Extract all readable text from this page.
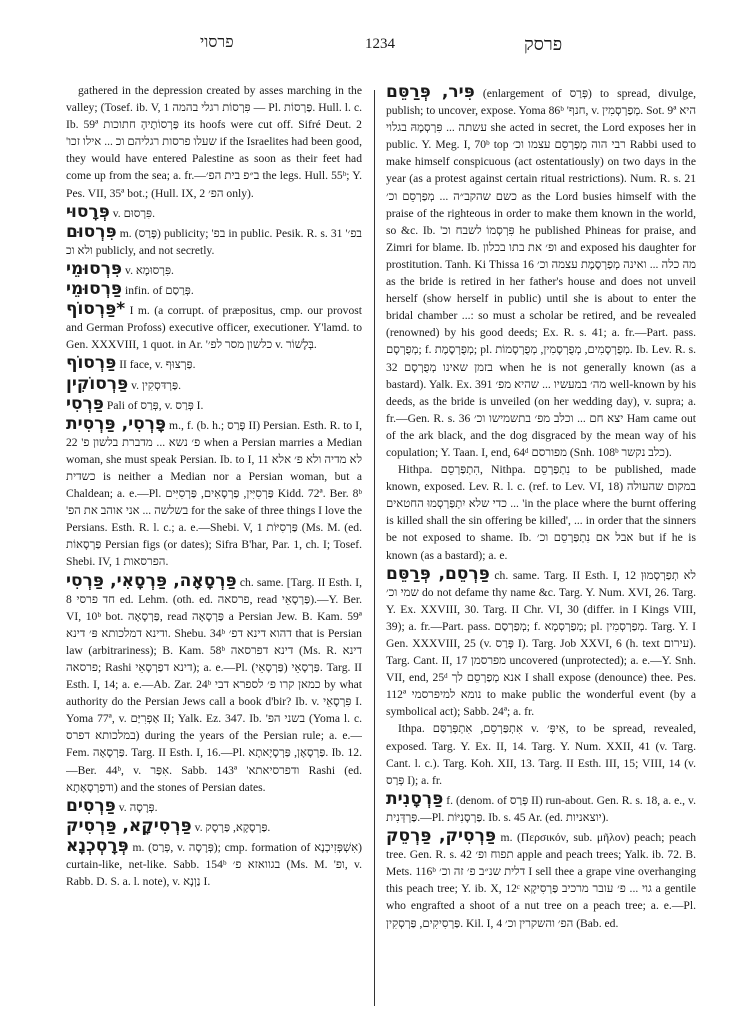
פרסוי	1234	פרסק

gathered in the depression created by asses marching in the valley; (Tosef. ib. V, 1 פִּרְסוֹת רגלי בהמה — Pl. פַּרְסוֹת. Hull. l. c. Ib. 59ª פַּרְסוֹתֶיהָ חתוכות its hoofs were cut off. Sifré Deut. 2 'שעלו פרסות רגליהם וכ ... אילו זכו if the Israelites had been good, they would have entered Palestine as soon as their feet had come up from the sea; a. fr.—ב״פ בית הפ׳ the legs. Hull. 55ᵇ; Y. Pes. VII, 35ª bot.; (Hull. IX, 2 הפ׳ only).

פְּרָסוּי v. פִּרְסוּם.

פִּרְסוּם m. (פָּרַס) publicity; 'בפ in public. Pesik. R. s. 31 'בפ׳ ולא וכ publicly, and not secretly.

פִּרְסוּמֵי v. פִּרְסוּמָא.

פַּרְסוּמֵי infin. of פְּרַסַם.

*פַּרְסוֹף I m. (a corrupt. of præpositus, cmp. our provost and German Profoss) executive officer, executioner. Y'lamd. to Gen. XXXVIII, 1 quot. in Ar. 'כלשון מסר לפ׳ v. בְּלָשׁוֹר.

פַּרְסוֹף II face, v. פַּרְצוּף.

פַּרְסוֹקִין v. פַּרְדּסְקִין.

פַּרְסִי Pali of פְּרַס, v. פְּרַס I.

פָּרְסִי, פַּרְסִית m., f. (b. h.; פָּרַס II) Persian. Esth. R. to I, 22 'פ׳ נשא ... מדברת בלשון פ when a Persian marries a Median woman, she must speak Persian. Ib. to I, 11 לא מדיה ולא פ׳ אלא כשדית is neither a Median nor a Persian woman, but a Chaldean; a. e.—Pl. פַּרְסִיִּין, פַּרְסָאִים, פַּרְסִיִּים Kidd. 72ª. Ber. 8ᵇ 'בשלשה ... אני אוהב את הפ for the sake of three things I love the Persians. Esth. R. l. c.; a. e.—Shebi. V, 1 פַּרְסִיּוֹת (Ms. M. (ed. פַּרְסָאוֹת Persian figs (or dates); Sifra B'har, Par. 1, ch. I; Tosef. Shebi. IV, 1 הפרסאות.

פַּרְסָאָה, פַּרְסָאִי, פַּרְסִי ch. same. [Targ. II Esth. I, 8 חד פרסי ed. Lehm. (oth. ed. פרסאה, read פַּרְסָאֵי).—Y. Ber. VI, 10ᵇ bot. פַּרְסָאָה, read פַּרְסָאָה a Persian Jew. B. Kam. 59ª ודינא דמלכותא פּ׳ דינא. Shebu. 34ᵇ דהוא דינא דפ׳ that is Persian law (arbitrariness); B. Kam. 58ᵇ דינא דפרסאה (Ms. R. דינא פרסאה; Rashi דינא דפַרְסָאֵי); a. e.—Pl. פַּרְסָאֵי (פַּרְסָאֵי). Targ. II Esth. I, 14; a. e.—Ab. Zar. 24ᵇ כמאן קרו פ׳ לספרא דבי by what authority do the Persian Jews call a book d'bir? Ib. v. פִּרְסָאֵי I. Yoma 77ª, v. אַפְרִיַּם II; Yalk. Ez. 347. Ib. 'בשני הפ (Yoma l. c. במלכותא דפרס) during the years of the Persian rule; a. e.—Fem. פַּרְסָאָה. Targ. II Esth. I, 16.—Pl. פַּרְסָאָן, פַּרְסָיָאתָא. Ib. 12.—Ber. 44ᵇ, v. אִפַּר. Sabb. 143ª 'ודפרסיאתא Rashi (ed. ודפַרְסָאָתָא) and the stones of Persian dates.

פַּרְסִים v. פְּרָסָה.

פַּרְסִיקָא, פַּרְסִיק v. פַּרְסָקָא, פַּרְסָק.

פְּרָסְכְנָא m. (פְּרַס, v. פְּרָסָה); cmp. formation of אִשְׁפְּזִיכְנָא) curtain-like, net-like. Sabb. 154ᵇ בגוואזא פ׳ (Ms. M. 'ופ, v. Rabb. D. S. a. l. note), v. נַוְנָא I.

פִּיר, פְּרַסֵּם (enlargement of פְּרַס) to spread, divulge, publish; to uncover, expose. Yoma 86ᵇ 'חנף, v. מְפַרְסְמִין. Sot. 9ª היא עשתה ... פִּרְסְמָהּ בגלוי she acted in secret, the Lord exposes her in public. Y. Meg. I, 70ᵇ top רבי הוה מְפַרְסֵם עצמו וכ׳ Rabbi used to make himself conspicuous (act ostentatiously) on two days in the year (as a protest against certain ritual restrictions). Num. R. s. 21 כשם שהקב״ה ... מְפַרְסֵם וכ׳ as the Lord busies himself with the praise of the righteous in order to make them known in the world, so &c. Ib. 'פִּרְסְמוֹ לשבח וכ he published Phineas for praise, and Zimri for blame. Ib. ופ׳ את בתו בכלון and exposed his daughter for prostitution. Tanh. Ki Thissa 16 מה כלה ... ואינה מְפַרְסֶמֶת עצמה וכ׳ as the bride is retired in her father's house and does not unveil herself (show herself in public) until she is about to enter the bridal chamber ...: so must a scholar be retired, and be revealed (renowned) by his good deeds; Ex. R. s. 41; a. fr.—Part. pass. מְפֻרְסָם; f. מְפֻרְסֶמֶת; pl. מְפֻרְסָמִים, מְפֻרְסָמִין, מְפֻרְסָמוֹת. Ib. Lev. R. s. 32 בזמן שאינו מְפֻרְסָם when he is not generally known (as a bastard). Yalk. Ex. 391 מה׳ במעשיו ... שהיא מפ׳ well-known by his deeds, as the bride is unveiled (on her wedding day), v. supra; a. fr.—Gen. R. s. 36 יצא חם ... וכלב מפ׳ בתשמישו וכ׳ Ham came out of the ark black, and the dog disgraced by the mean way of his copulation; Y. Taan. I, end, 64ᵈ מפורסם (Snh. 108ᵇ כלב נקשר).

Hithpa. הִתְפַּרְסֵם, Nithpa. נִתְפַּרְסֵם to be published, made known, exposed. Lev. R. l. c. (ref. to Lev. VI, 18) במקום שהעולה ... כדי שלא יִתְפַּרְסְמוּ החטאים 'in the place where the burnt offering is killed shall the sin offering be killed', ... in order that the sinners be not exposed to shame. Ib. אבל אם נִתְפַּרְסֵם וכ׳ but if he is known (as a bastard); a. e.

פַּרְסֵם, פְּרַסֵּם ch. same. Targ. II Esth. I, 12 לא תְפַרְסְמוּן שמי וכ׳ do not defame thy name &c. Targ. Y. Num. XVI, 26. Targ. Y. Ex. XXVIII, 30. Targ. II Chr. VI, 30 (differ. in I Kings VIII, 39); a. fr.—Part. pass. מְפַרְסַם; f. מְפַרְסְמָא; pl. מְפַרְסְמִין. Targ. Y. I Gen. XXXVIII, 25 (v. פָּרַס I). Targ. Job XXVI, 6 (h. text עירום). Targ. Cant. II, 17 מפרסמן uncovered (unprotected); a. e.—Y. Snh. VII, end, 25ᵈ אנא מְפַרְסֵם לך I shall expose (denounce) thee. Pes. 112ª נומא למיפרסמי to make public the wonderful event (by a symbolical act); Sabb. 24ª; a. fr.

Ithpa. אִתְפַּרְסֵם, אִתְפְּרַסַּם v. אִיפְּ׳, to be spread, revealed, exposed. Targ. Y. Ex. II, 14. Targ. Y. Num. XXII, 41 (v. Targ. Cant. l. c.). Targ. Koh. XII, 13. Targ. II Esth. III, 15; VIII, 14 (v. פְּרַס I); a. fr.

פַּרְסָנִית f. (denom. of פְּרַס II) run-about. Gen. R. s. 18, a. e., v. פַּרְדְּנִית.—Pl. פַּרְסָנִיּוֹת. Ib. s. 45 Ar. (ed. יוצאניות).

פַּרְסִיק, פַּרְסֵק m. (Περσικόν, sub. μῆλον) peach; peach tree. Gen. R. s. 42 תפוח ופ׳ apple and peach trees; Yalk. ib. 72. B. Mets. 116ᵇ דלית שנ״ב פ׳ זה וכ׳ I sell thee a grape vine overhanging this peach tree; Y. ib. X, 12ᶜ גוי ... פ׳ עובר מרכיב פַּרְסִיקָא a gentile who engrafted a shoot of a nut tree on a peach tree; a. e.—Pl. פַּרְסִיקִים, פַּרְסְקִין. Kil. I, 4 הפ׳ והשקרין וכ׳ (Bab. ed.
